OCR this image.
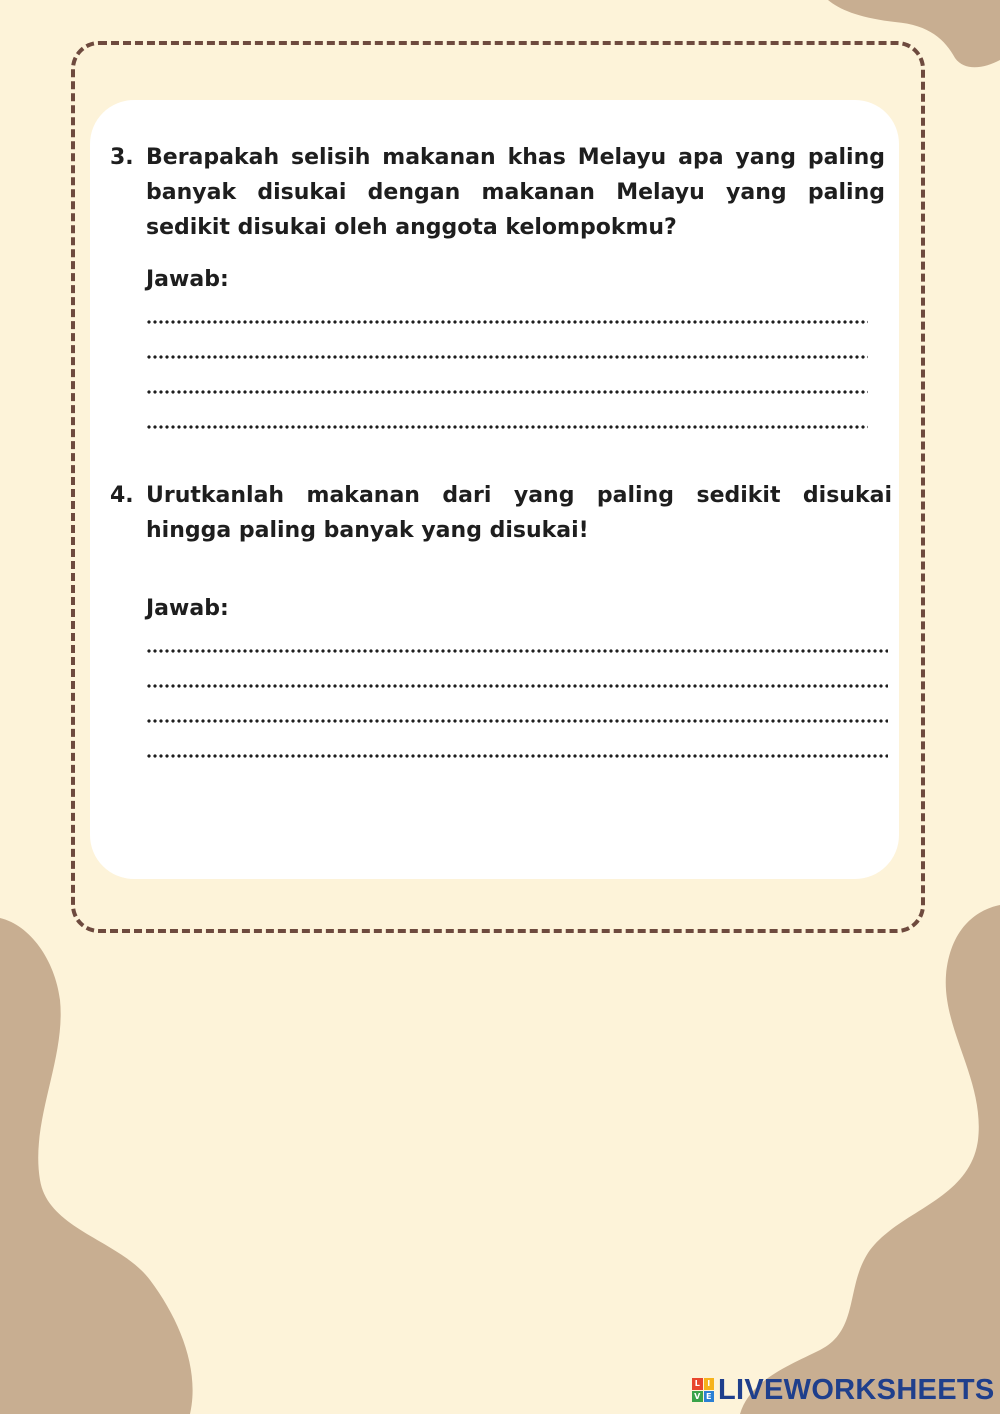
3. Berapakah selisih makanan khas Melayu apa yang paling banyak disukai dengan makanan Melayu yang paling sedikit disukai oleh anggota kelompokmu?
Jawab:
4. Urutkanlah makanan dari yang paling sedikit disukai hingga paling banyak yang disukai!
Jawab:
L I
V E LIVEWORKSHEETS
